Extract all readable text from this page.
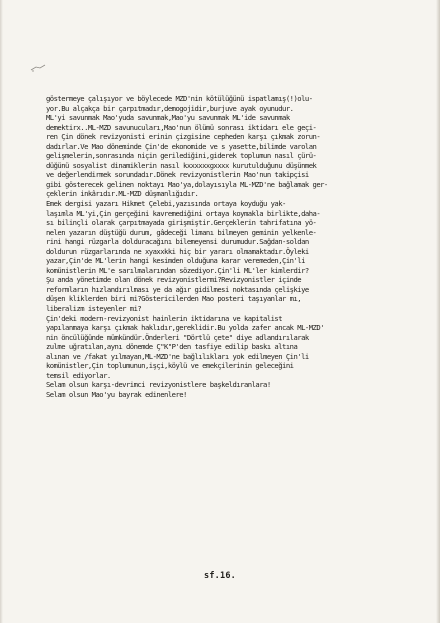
göstermeye çalışıyor ve böylecede MZD'nin kötülüğünü ispatlamış(!)olu-
yor.Bu alçakça bir çarpıtmadır,demogojidir,burjuve ayak oyunudur.
ML'yi savunmak Mao'yuda savunmak,Mao'yu savunmak ML'ide savunmak
demektirx..ML-MZD savunucuları,Mao'nun ölümü sonrası iktidarı ele geçi-
ren Çin dönek revizyonisti erinin çizgisine cepheden karşı çıkmak zorun-
dadırlar.Ve Mao döneminde Çin'de ekonomide ve s yasette,bilimde varolan
gelişmelerin,sonrasında niçin gerilediğini,giderek toplumun nasıl çürü-
düğünü sosyalist dinamiklerin nasıl kxxxxxxgxxxx kurutulduğunu düşünmek
ve değerlendirmek sorundadır.Dönek revizyonistlerin Mao'nun takipçisi
gibi gösterecek gelinen noktayı Mao'ya,dolayısıyla ML-MZD'ne bağlamak ger-
çeklerin inkârıdır.ML-MZD düşmanlığıdır.
Emek dergisi yazarı Hikmet Çelebi,yazısında ortaya koyduğu yak-
laşımla ML'yi,Çin gerçeğini kavremediğini ortaya koymakla birlikte,daha-
sı bilinçli olarak çarpıtmayada girişmiştir.Gerçeklerin tahrifatına yö-
nelen yazarın düştüğü durum, gâdeceği limanı bilmeyen geminin yelkenle-
rini hangi rüzgarla dolduracağını bilemeyensi durumudur.Sağdan-soldan
doldurun rüzgarlarında ne xyaxxkki hiç bir yararı olmamaktadır.Öyleki
yazar,Çin'de ML'lerin hangi kesimden olduğuna karar veremeden,Çin'li
komünistlerin ML'e sarılmalarından sözediyor.Çin'li ML'ler kimlerdir?
Şu anda yönetimde olan dönek revizyonistlermi?Revizyonistler içinde
reformların hızlandırılması ye da ağır gidilmesi noktasında çelişkiye
düşen kliklerden biri mi?Göstericilerden Mao posteri taşıyanlar mı,
liberalizm isteyenler mi?
Çin'deki modern-revizyonist hainlerin iktidarına ve kapitalist
yapılanmaya karşı çıkmak haklıdır,gereklidir.Bu yolda zafer ancak ML-MZD'
nin öncülüğünde mümkündür.Önderleri "Dörtlü çete" diye adlandırılarak
zulme uğratılan,aynı dönemde Ç"K"P'den tasfiye edilip baskı altına
alınan ve /fakat yılmayan,ML-MZD'ne bağlılıkları yok edilmeyen Çin'li
komünistler,Çin toplumunun,işçi,köylü ve emekçilerinin geleceğini
temsil ediyorlar.
Selam olsun karşı-devrimci revizyonistlere başkeldıranlara!
Selam olsun Mao'yu bayrak edinenlere!
sf.16.
